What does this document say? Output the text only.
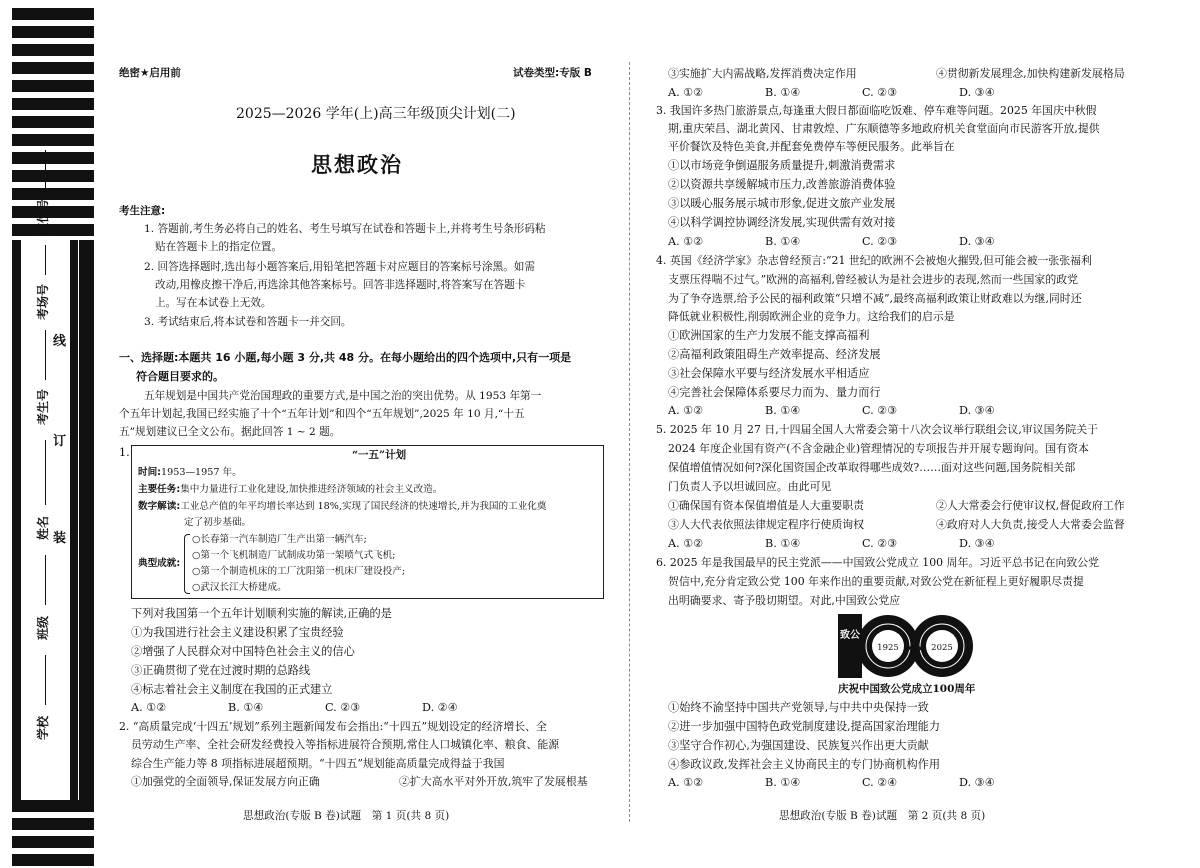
座位号
考场号
考生号
姓名
班级
学校
线
订
装
绝密★启用前	试卷类型:专版 B
2025—2026 学年(上)高三年级顶尖计划(二)
思想政治
考生注意:
1. 答题前,考生务必将自己的姓名、考生号填写在试卷和答题卡上,并将考生号条形码粘
贴在答题卡上的指定位置。
2. 回答选择题时,选出每小题答案后,用铅笔把答题卡对应题目的答案标号涂黑。如需
改动,用橡皮擦干净后,再选涂其他答案标号。回答非选择题时,将答案写在答题卡
上。写在本试卷上无效。
3. 考试结束后,将本试卷和答题卡一并交回。
一、选择题:本题共 16 小题,每小题 3 分,共 48 分。在每小题给出的四个选项中,只有一项是
符合题目要求的。
五年规划是中国共产党治国理政的重要方式,是中国之治的突出优势。从 1953 年第一
个五年计划起,我国已经实施了十个“五年计划”和四个“五年规划”,2025 年 10 月,“十五
五”规划建议已全文公布。据此回答 1 ~ 2 题。
1.	“一五”计划
时间:1953—1957 年。
主要任务:集中力量进行工业化建设,加快推进经济领域的社会主义改造。
数字解读:工业总产值的年平均增长率达到 18%,实现了国民经济的快速增长,并为我国的工业化奠
定了初步基础。
典型成就:
○长春第一汽车制造厂生产出第一辆汽车;
○第一个飞机制造厂试制成功第一架喷气式飞机;
○第一个制造机床的工厂沈阳第一机床厂建设投产;
○武汉长江大桥建成。
下列对我国第一个五年计划顺利实施的解读,正确的是
①为我国进行社会主义建设积累了宝贵经验
②增强了人民群众对中国特色社会主义的信心
③正确贯彻了党在过渡时期的总路线
④标志着社会主义制度在我国的正式建立
A. ①②	B. ①④	C. ②③	D. ②④
2. “高质量完成‘十四五’规划”系列主题新闻发布会指出:“十四五”规划设定的经济增长、全
员劳动生产率、全社会研发经费投入等指标进展符合预期,常住人口城镇化率、粮食、能源
综合生产能力等 8 项指标进展超预期。“十四五”规划能高质量完成得益于我国
①加强党的全面领导,保证发展方向正确	②扩大高水平对外开放,筑牢了发展根基
思想政治(专版 B 卷)试题　第 1 页(共 8 页)
③实施扩大内需战略,发挥消费决定作用	④贯彻新发展理念,加快构建新发展格局
A. ①②	B. ①④	C. ②③	D. ③④
3. 我国许多热门旅游景点,每逢重大假日都面临吃饭难、停车难等问题。2025 年国庆中秋假
期,重庆荣昌、湖北黄冈、甘肃敦煌、广东顺德等多地政府机关食堂面向市民游客开放,提供
平价餐饮及特色美食,并配套免费停车等便民服务。此举旨在
①以市场竞争倒逼服务质量提升,刺激消费需求
②以资源共享缓解城市压力,改善旅游消费体验
③以暖心服务展示城市形象,促进文旅产业发展
④以科学调控协调经济发展,实现供需有效对接
A. ①②	B. ①④	C. ②③	D. ③④
4. 英国《经济学家》杂志曾经预言:“21 世纪的欧洲不会被炮火摧毁,但可能会被一张张福利
支票压得喘不过气。”欧洲的高福利,曾经被认为是社会进步的表现,然而一些国家的政党
为了争夺选票,给予公民的福利政策“只增不减”,最终高福利政策让财政难以为继,同时还
降低就业积极性,削弱欧洲企业的竞争力。这给我们的启示是
①欧洲国家的生产力发展不能支撑高福利
②高福利政策阻碍生产效率提高、经济发展
③社会保障水平要与经济发展水平相适应
④完善社会保障体系要尽力而为、量力而行
A. ①②	B. ①④	C. ②③	D. ③④
5. 2025 年 10 月 27 日,十四届全国人大常委会第十八次会议举行联组会议,审议国务院关于
2024 年度企业国有资产(不含金融企业)管理情况的专项报告并开展专题询问。国有资本
保值增值情况如何?深化国资国企改革取得哪些成效?……面对这些问题,国务院相关部
门负责人予以坦诚回应。由此可见
①确保国有资本保值增值是人大重要职责	②人大常委会行使审议权,督促政府工作
③人大代表依照法律规定程序行使质询权	④政府对人大负责,接受人大常委会监督
A. ①②	B. ①④	C. ②③	D. ③④
6. 2025 年是我国最早的民主党派——中国致公党成立 100 周年。习近平总书记在向致公党
贺信中,充分肯定致公党 100 年来作出的重要贡献,对致公党在新征程上更好履职尽责提
出明确要求、寄予殷切期望。对此,中国致公党应
1925	2025
致公
庆祝中国致公党成立100周年
①始终不渝坚持中国共产党领导,与中共中央保持一致
②进一步加强中国特色政党制度建设,提高国家治理能力
③坚守合作初心,为强国建设、民族复兴作出更大贡献
④参政议政,发挥社会主义协商民主的专门协商机构作用
A. ①②	B. ①④	C. ②④	D. ③④
思想政治(专版 B 卷)试题　第 2 页(共 8 页)
